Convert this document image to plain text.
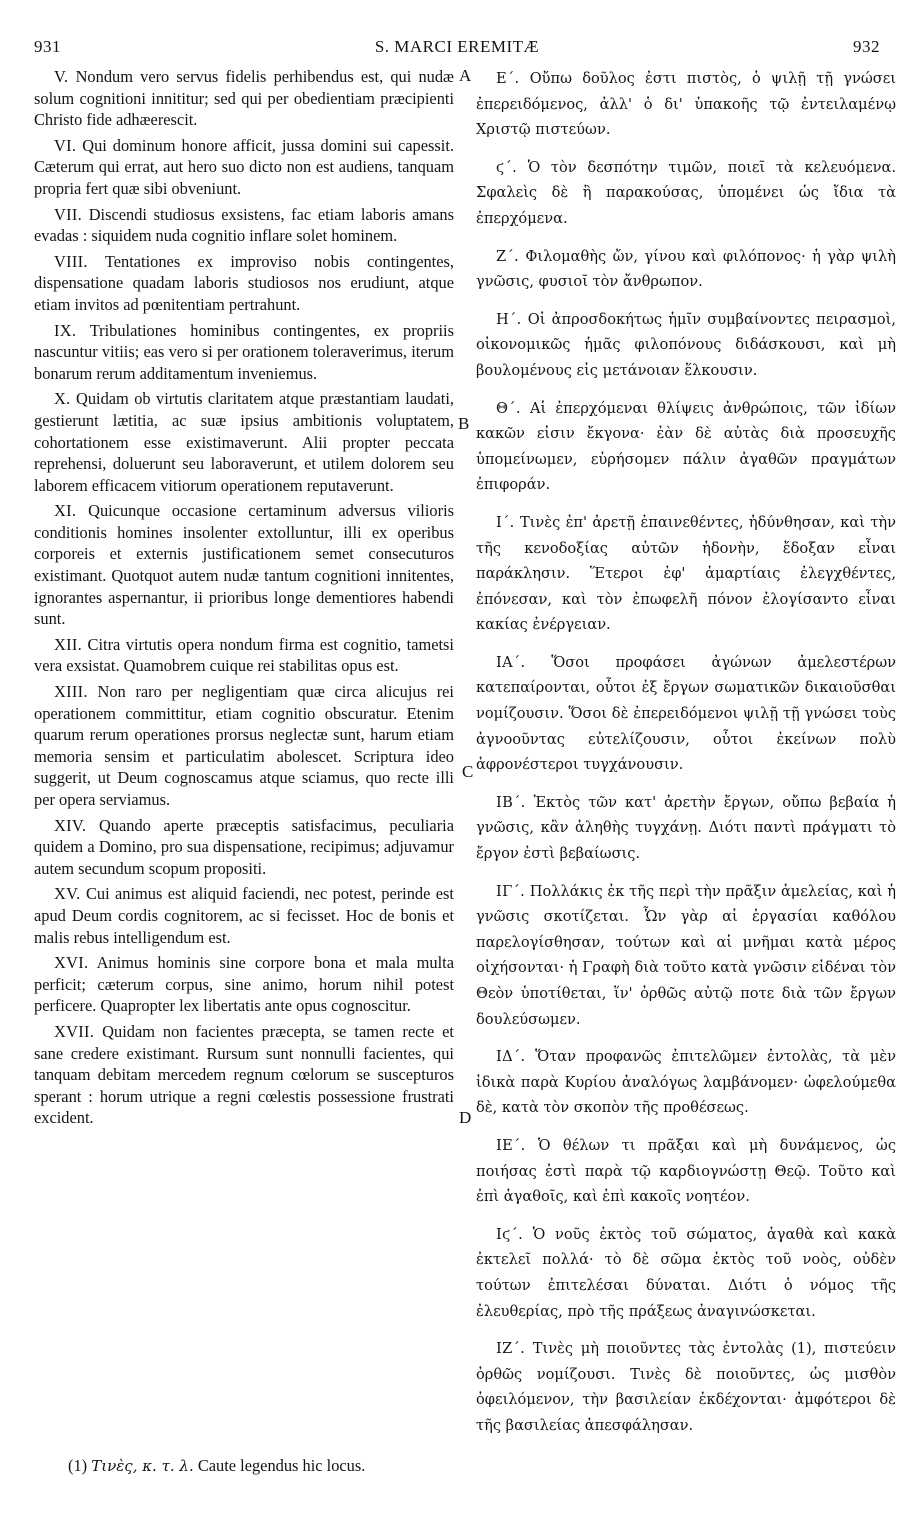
931	S. MARCI EREMITÆ	932
A
B
C
D

V. Nondum vero servus fidelis perhibendus est, qui nudæ solum cognitioni innititur; sed qui per obedientiam præcipienti Christo fide adhæerescit.

VI. Qui dominum honore afficit, jussa domini sui capessit. Cæterum qui errat, aut hero suo dicto non est audiens, tanquam propria fert quæ sibi obveniunt.

VII. Discendi studiosus exsistens, fac etiam laboris amans evadas : siquidem nuda cognitio inflare solet hominem.

VIII. Tentationes ex improviso nobis contingentes, dispensatione quadam laboris studiosos nos erudiunt, atque etiam invitos ad pœnitentiam pertrahunt.

IX. Tribulationes hominibus contingentes, ex propriis nascuntur vitiis; eas vero si per orationem toleraverimus, iterum bonarum rerum additamentum inveniemus.

X. Quidam ob virtutis claritatem atque præstantiam laudati, gestierunt lætitia, ac suæ ipsius ambitionis voluptatem, cohortationem esse existimaverunt. Alii propter peccata reprehensi, doluerunt seu laboraverunt, et utilem dolorem seu laborem efficacem vitiorum operationem reputaverunt.

XI. Quicunque occasione certaminum adversus vilioris conditionis homines insolenter extolluntur, illi ex operibus corporeis et externis justificationem semet consecuturos existimant. Quotquot autem nudæ tantum cognitioni innitentes, ignorantes aspernantur, ii prioribus longe dementiores habendi sunt.

XII. Citra virtutis opera nondum firma est cognitio, tametsi vera exsistat. Quamobrem cuique rei stabilitas opus est.

XIII. Non raro per negligentiam quæ circa alicujus rei operationem committitur, etiam cognitio obscuratur. Etenim quarum rerum operationes prorsus neglectæ sunt, harum etiam memoria sensim et particulatim abolescet. Scriptura ideo suggerit, ut Deum cognoscamus atque sciamus, quo recte illi per opera serviamus.

XIV. Quando aperte præceptis satisfacimus, peculiaria quidem a Domino, pro sua dispensatione, recipimus; adjuvamur autem secundum scopum propositi.

XV. Cui animus est aliquid faciendi, nec potest, perinde est apud Deum cordis cognitorem, ac si fecisset. Hoc de bonis et malis rebus intelligendum est.

XVI. Animus hominis sine corpore bona et mala multa perficit; cæterum corpus, sine animo, horum nihil potest perficere. Quapropter lex libertatis ante opus cognoscitur.

XVII. Quidam non facientes præcepta, se tamen recte et sane credere existimant. Rursum sunt nonnulli facientes, qui tanquam debitam mercedem regnum cœlorum se suscepturos sperant : horum utrique a regni cœlestis possessione frustrati excident.

Ε΄. Οὔπω δοῦλος ἐστι πιστὸς, ὁ ψιλῇ τῇ γνώσει ἐπερειδόμενος, ἀλλ' ὁ δι' ὑπακοῆς τῷ ἐντειλαμένῳ Χριστῷ πιστεύων.

ϛ΄. Ὁ τὸν δεσπότην τιμῶν, ποιεῖ τὰ κελευόμενα. Σφαλεὶς δὲ ἢ παρακούσας, ὑπομένει ὡς ἴδια τὰ ἐπερχόμενα.

Ζ΄. Φιλομαθὴς ὤν, γίνου καὶ φιλόπονος· ἡ γὰρ ψιλὴ γνῶσις, φυσιοῖ τὸν ἄνθρωπον.

Η΄. Οἱ ἀπροσδοκήτως ἡμῖν συμβαίνοντες πειρασμοὶ, οἰκονομικῶς ἡμᾶς φιλοπόνους διδάσκουσι, καὶ μὴ βουλομένους εἰς μετάνοιαν ἕλκουσιν.

Θ΄. Αἱ ἐπερχόμεναι θλίψεις ἀνθρώποις, τῶν ἰδίων κακῶν εἰσιν ἔκγονα· ἐὰν δὲ αὐτὰς διὰ προσευχῆς ὑπομείνωμεν, εὑρήσομεν πάλιν ἀγαθῶν πραγμάτων ἐπιφοράν.

Ι΄. Τινὲς ἐπ' ἀρετῇ ἐπαινεθέντες, ἡδύνθησαν, καὶ τὴν τῆς κενοδοξίας αὐτῶν ἡδονὴν, ἔδοξαν εἶναι παράκλησιν. Ἕτεροι ἐφ' ἁμαρτίαις ἐλεγχθέντες, ἐπόνεσαν, καὶ τὸν ἐπωφελῆ πόνον ἐλογίσαντο εἶναι κακίας ἐνέργειαν.

ΙΑ΄. Ὅσοι προφάσει ἀγώνων ἀμελεστέρων κατεπαίρονται, οὗτοι ἐξ ἔργων σωματικῶν δικαιοῦσθαι νομίζουσιν. Ὅσοι δὲ ἐπερειδόμενοι ψιλῇ τῇ γνώσει τοὺς ἀγνοοῦντας εὐτελίζουσιν, οὗτοι ἐκείνων πολὺ ἀφρονέστεροι τυγχάνουσιν.

ΙΒ΄. Ἐκτὸς τῶν κατ' ἀρετὴν ἔργων, οὔπω βεβαία ἡ γνῶσις, κἂν ἀληθὴς τυγχάνῃ. Διότι παντὶ πράγματι τὸ ἔργον ἐστὶ βεβαίωσις.

ΙΓ΄. Πολλάκις ἐκ τῆς περὶ τὴν πρᾶξιν ἀμελείας, καὶ ἡ γνῶσις σκοτίζεται. Ὧν γὰρ αἱ ἐργασίαι καθόλου παρελογίσθησαν, τούτων καὶ αἱ μνῆμαι κατὰ μέρος οἰχήσονται· ἡ Γραφὴ διὰ τοῦτο κατὰ γνῶσιν εἰδέναι τὸν Θεὸν ὑποτίθεται, ἵν' ὀρθῶς αὐτῷ ποτε διὰ τῶν ἔργων δουλεύσωμεν.

ΙΔ΄. Ὅταν προφανῶς ἐπιτελῶμεν ἐντολὰς, τὰ μὲν ἰδικὰ παρὰ Κυρίου ἀναλόγως λαμβάνομεν· ὠφελούμεθα δὲ, κατὰ τὸν σκοπὸν τῆς προθέσεως.

ΙΕ΄. Ὁ θέλων τι πρᾶξαι καὶ μὴ δυνάμενος, ὡς ποιήσας ἐστὶ παρὰ τῷ καρδιογνώστῃ Θεῷ. Τοῦτο καὶ ἐπὶ ἀγαθοῖς, καὶ ἐπὶ κακοῖς νοητέον.

Ιϛ΄. Ὁ νοῦς ἐκτὸς τοῦ σώματος, ἀγαθὰ καὶ κακὰ ἐκτελεῖ πολλά· τὸ δὲ σῶμα ἐκτὸς τοῦ νοὸς, οὐδὲν τούτων ἐπιτελέσαι δύναται. Διότι ὁ νόμος τῆς ἐλευθερίας, πρὸ τῆς πράξεως ἀναγινώσκεται.

ΙΖ΄. Τινὲς μὴ ποιοῦντες τὰς ἐντολὰς (1), πιστεύειν ὀρθῶς νομίζουσι. Τινὲς δὲ ποιοῦντες, ὡς μισθὸν ὀφειλόμενον, τὴν βασιλείαν ἐκδέχονται· ἀμφότεροι δὲ τῆς βασιλείας ἀπεσφάλησαν.

(1) Τινὲς, κ. τ. λ. Caute legendus hic locus.
